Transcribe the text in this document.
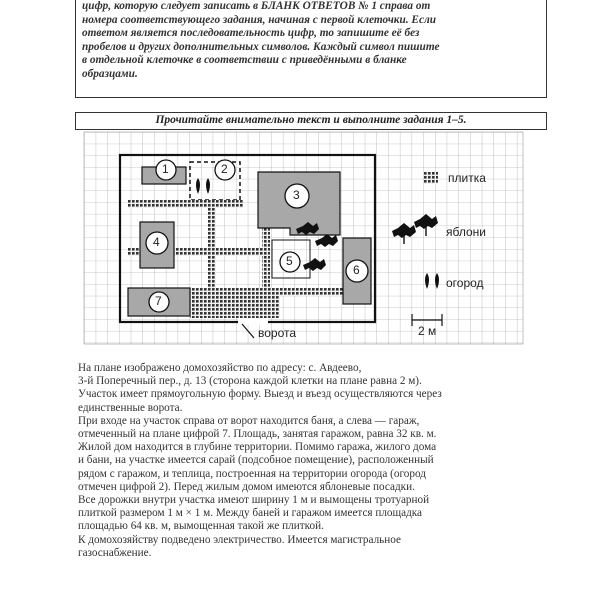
цифр, которую следует записать в БЛАНК ОТВЕТОВ № 1 справа от
номера соответствующего задания, начиная с первой клеточки. Если
ответом является последовательность цифр, то запишите её без
пробелов и других дополнительных символов. Каждый символ пишите
в отдельной клеточке в соответствии с приведёнными в бланке
образцами.
Прочитайте внимательно текст и выполните задания 1–5.
1	2
3
4
5
6
7
ворота
плитка
яблони
огород
2 м
На плане изображено домохозяйство по адресу: с. Авдеево,
3-й Поперечный пер., д. 13 (сторона каждой клетки на плане равна 2 м).
Участок имеет прямоугольную форму. Выезд и въезд осуществляются через
единственные ворота.
При входе на участок справа от ворот находится баня, а слева — гараж,
отмеченный на плане цифрой 7. Площадь, занятая гаражом, равна 32 кв. м.
Жилой дом находится в глубине территории. Помимо гаража, жилого дома
и бани, на участке имеется сарай (подсобное помещение), расположенный
рядом с гаражом, и теплица, построенная на территории огорода (огород
отмечен цифрой 2). Перед жилым домом имеются яблоневые посадки.
Все дорожки внутри участка имеют ширину 1 м и вымощены тротуарной
плиткой размером 1 м × 1 м. Между баней и гаражом имеется площадка
площадью 64 кв. м, вымощенная такой же плиткой.
К домохозяйству подведено электричество. Имеется магистральное
газоснабжение.
